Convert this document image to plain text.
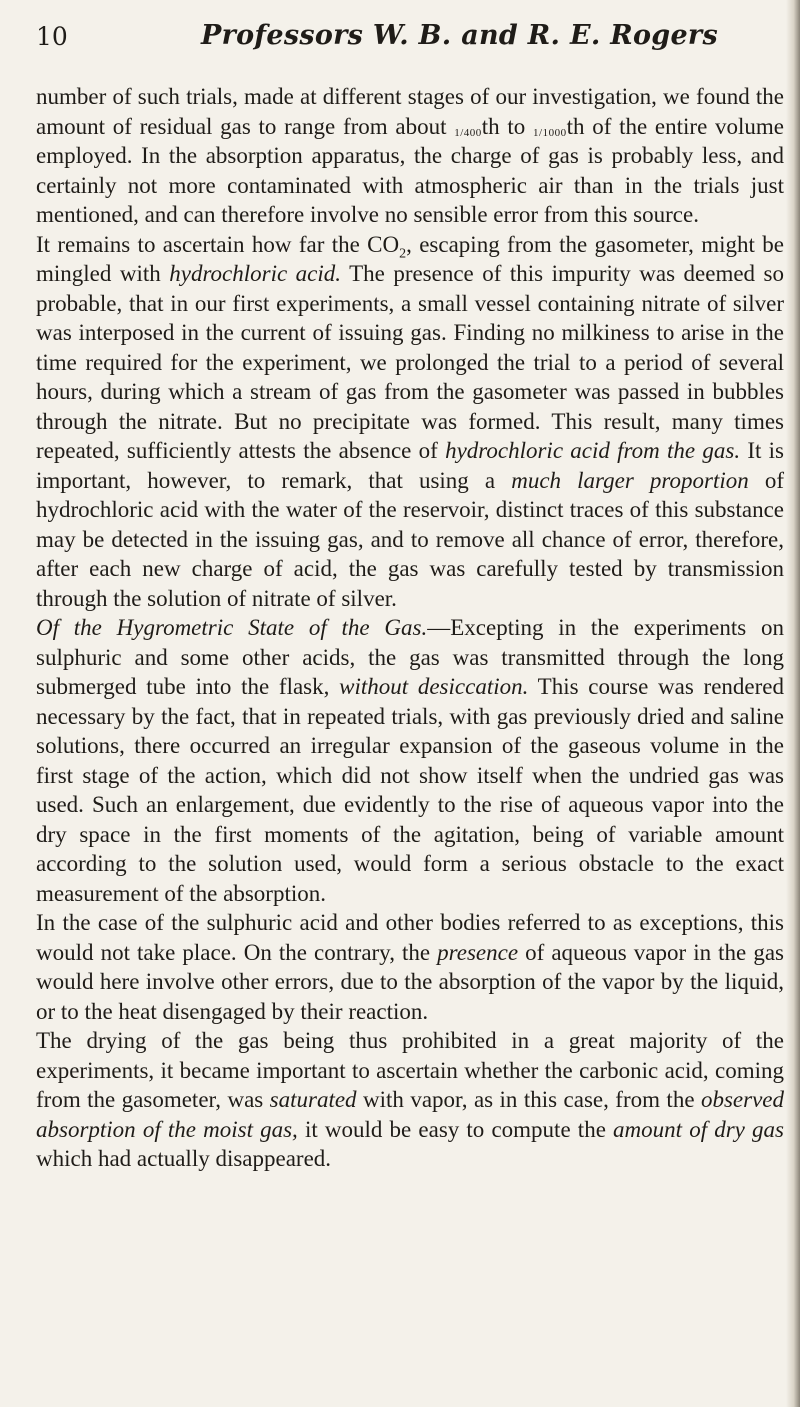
10	Professors W. B. and R. E. Rogers

number of such trials, made at different stages of our investigation, we found the amount of residual gas to range from about 1/400th to 1/1000th of the entire volume employed. In the absorption apparatus, the charge of gas is probably less, and certainly not more contaminated with atmospheric air than in the trials just mentioned, and can therefore involve no sensible error from this source.

It remains to ascertain how far the $CO_2$, escaping from the gasometer, might be mingled with hydrochloric acid. The presence of this impurity was deemed so probable, that in our first experiments, a small vessel containing nitrate of silver was interposed in the current of issuing gas. Finding no milkiness to arise in the time required for the experiment, we prolonged the trial to a period of several hours, during which a stream of gas from the gasometer was passed in bubbles through the nitrate. But no precipitate was formed. This result, many times repeated, sufficiently attests the absence of hydrochloric acid from the gas. It is important, however, to remark, that using a much larger proportion of hydrochloric acid with the water of the reservoir, distinct traces of this substance may be detected in the issuing gas, and to remove all chance of error, therefore, after each new charge of acid, the gas was carefully tested by transmission through the solution of nitrate of silver.

Of the Hygrometric State of the Gas.—Excepting in the experiments on sulphuric and some other acids, the gas was transmitted through the long submerged tube into the flask, without desiccation. This course was rendered necessary by the fact, that in repeated trials, with gas previously dried and saline solutions, there occurred an irregular expansion of the gaseous volume in the first stage of the action, which did not show itself when the undried gas was used. Such an enlargement, due evidently to the rise of aqueous vapor into the dry space in the first moments of the agitation, being of variable amount according to the solution used, would form a serious obstacle to the exact measurement of the absorption.

In the case of the sulphuric acid and other bodies referred to as exceptions, this would not take place. On the contrary, the presence of aqueous vapor in the gas would here involve other errors, due to the absorption of the vapor by the liquid, or to the heat disengaged by their reaction.

The drying of the gas being thus prohibited in a great majority of the experiments, it became important to ascertain whether the carbonic acid, coming from the gasometer, was saturated with vapor, as in this case, from the observed absorption of the moist gas, it would be easy to compute the amount of dry gas which had actually disappeared.
